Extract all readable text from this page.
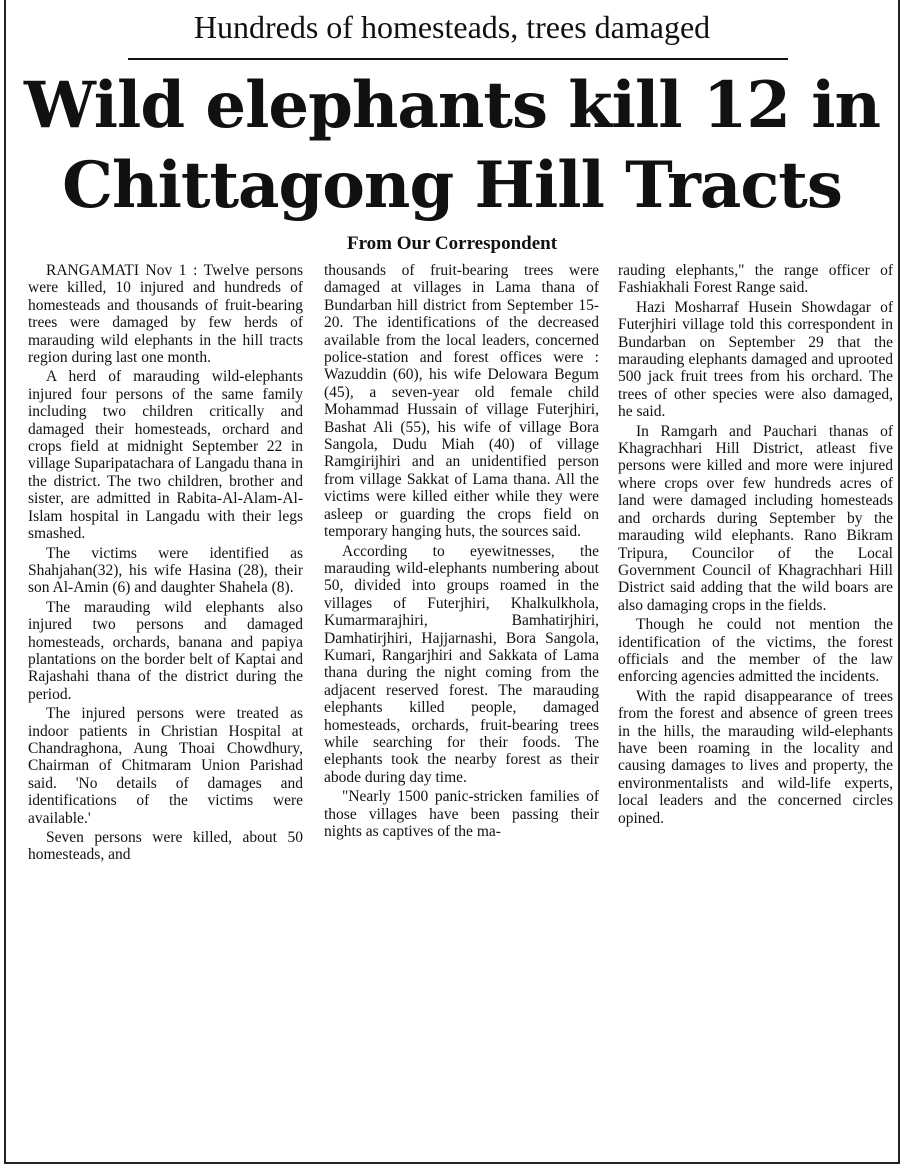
Hundreds of homesteads, trees damaged
Wild elephants kill 12 in
Chittagong Hill Tracts
From Our Correspondent

RANGAMATI Nov 1 : Twelve persons were killed, 10 injured and hundreds of homesteads and thousands of fruit-bearing trees were damaged by few herds of marauding wild elephants in the hill tracts region during last one month.

A herd of marauding wild-elephants injured four persons of the same family including two children critically and damaged their homesteads, orchard and crops field at midnight September 22 in village Suparipatachara of Langadu thana in the district. The two children, brother and sister, are admitted in Rabita-Al-Alam-Al-Islam hospital in Langadu with their legs smashed.

The victims were identified as Shahjahan(32), his wife Hasina (28), their son Al-Amin (6) and daughter Shahela (8).

The marauding wild elephants also injured two persons and damaged homesteads, orchards, banana and papiya plantations on the border belt of Kaptai and Rajashahi thana of the district during the period.

The injured persons were treated as indoor patients in Christian Hospital at Chandraghona, Aung Thoai Chowdhury, Chairman of Chitmaram Union Parishad said. 'No details of damages and identifications of the victims were available.'

Seven persons were killed, about 50 homesteads, and

thousands of fruit-bearing trees were damaged at villages in Lama thana of Bundarban hill district from September 15-20. The identifications of the decreased available from the local leaders, concerned police-station and forest offices were : Wazuddin (60), his wife Delowara Begum (45), a seven-year old female child Mohammad Hussain of village Futerjhiri, Bashat Ali (55), his wife of village Bora Sangola, Dudu Miah (40) of village Ramgirijhiri and an unidentified person from village Sakkat of Lama thana. All the victims were killed either while they were asleep or guarding the crops field on temporary hanging huts, the sources said.

According to eyewitnesses, the marauding wild-elephants numbering about 50, divided into groups roamed in the villages of Futerjhiri, Khalkulkhola, Kumarmarajhiri, Bamhatirjhiri, Damhatirjhiri, Hajjarnashi, Bora Sangola, Kumari, Rangarjhiri and Sakkata of Lama thana during the night coming from the adjacent reserved forest. The marauding elephants killed people, damaged homesteads, orchards, fruit-bearing trees while searching for their foods. The elephants took the nearby forest as their abode during day time.

"Nearly 1500 panic-stricken families of those villages have been passing their nights as captives of the ma-

rauding elephants," the range officer of Fashiakhali Forest Range said.

Hazi Mosharraf Husein Showdagar of Futerjhiri village told this correspondent in Bundarban on September 29 that the marauding elephants damaged and uprooted 500 jack fruit trees from his orchard. The trees of other species were also damaged, he said.

In Ramgarh and Pauchari thanas of Khagrachhari Hill District, atleast five persons were killed and more were injured where crops over few hundreds acres of land were damaged including homesteads and orchards during September by the marauding wild elephants. Rano Bikram Tripura, Councilor of the Local Government Council of Khagrachhari Hill District said adding that the wild boars are also damaging crops in the fields.

Though he could not mention the identification of the victims, the forest officials and the member of the law enforcing agencies admitted the incidents.

With the rapid disappearance of trees from the forest and absence of green trees in the hills, the marauding wild-elephants have been roaming in the locality and causing damages to lives and property, the environmentalists and wild-life experts, local leaders and the concerned circles opined.
